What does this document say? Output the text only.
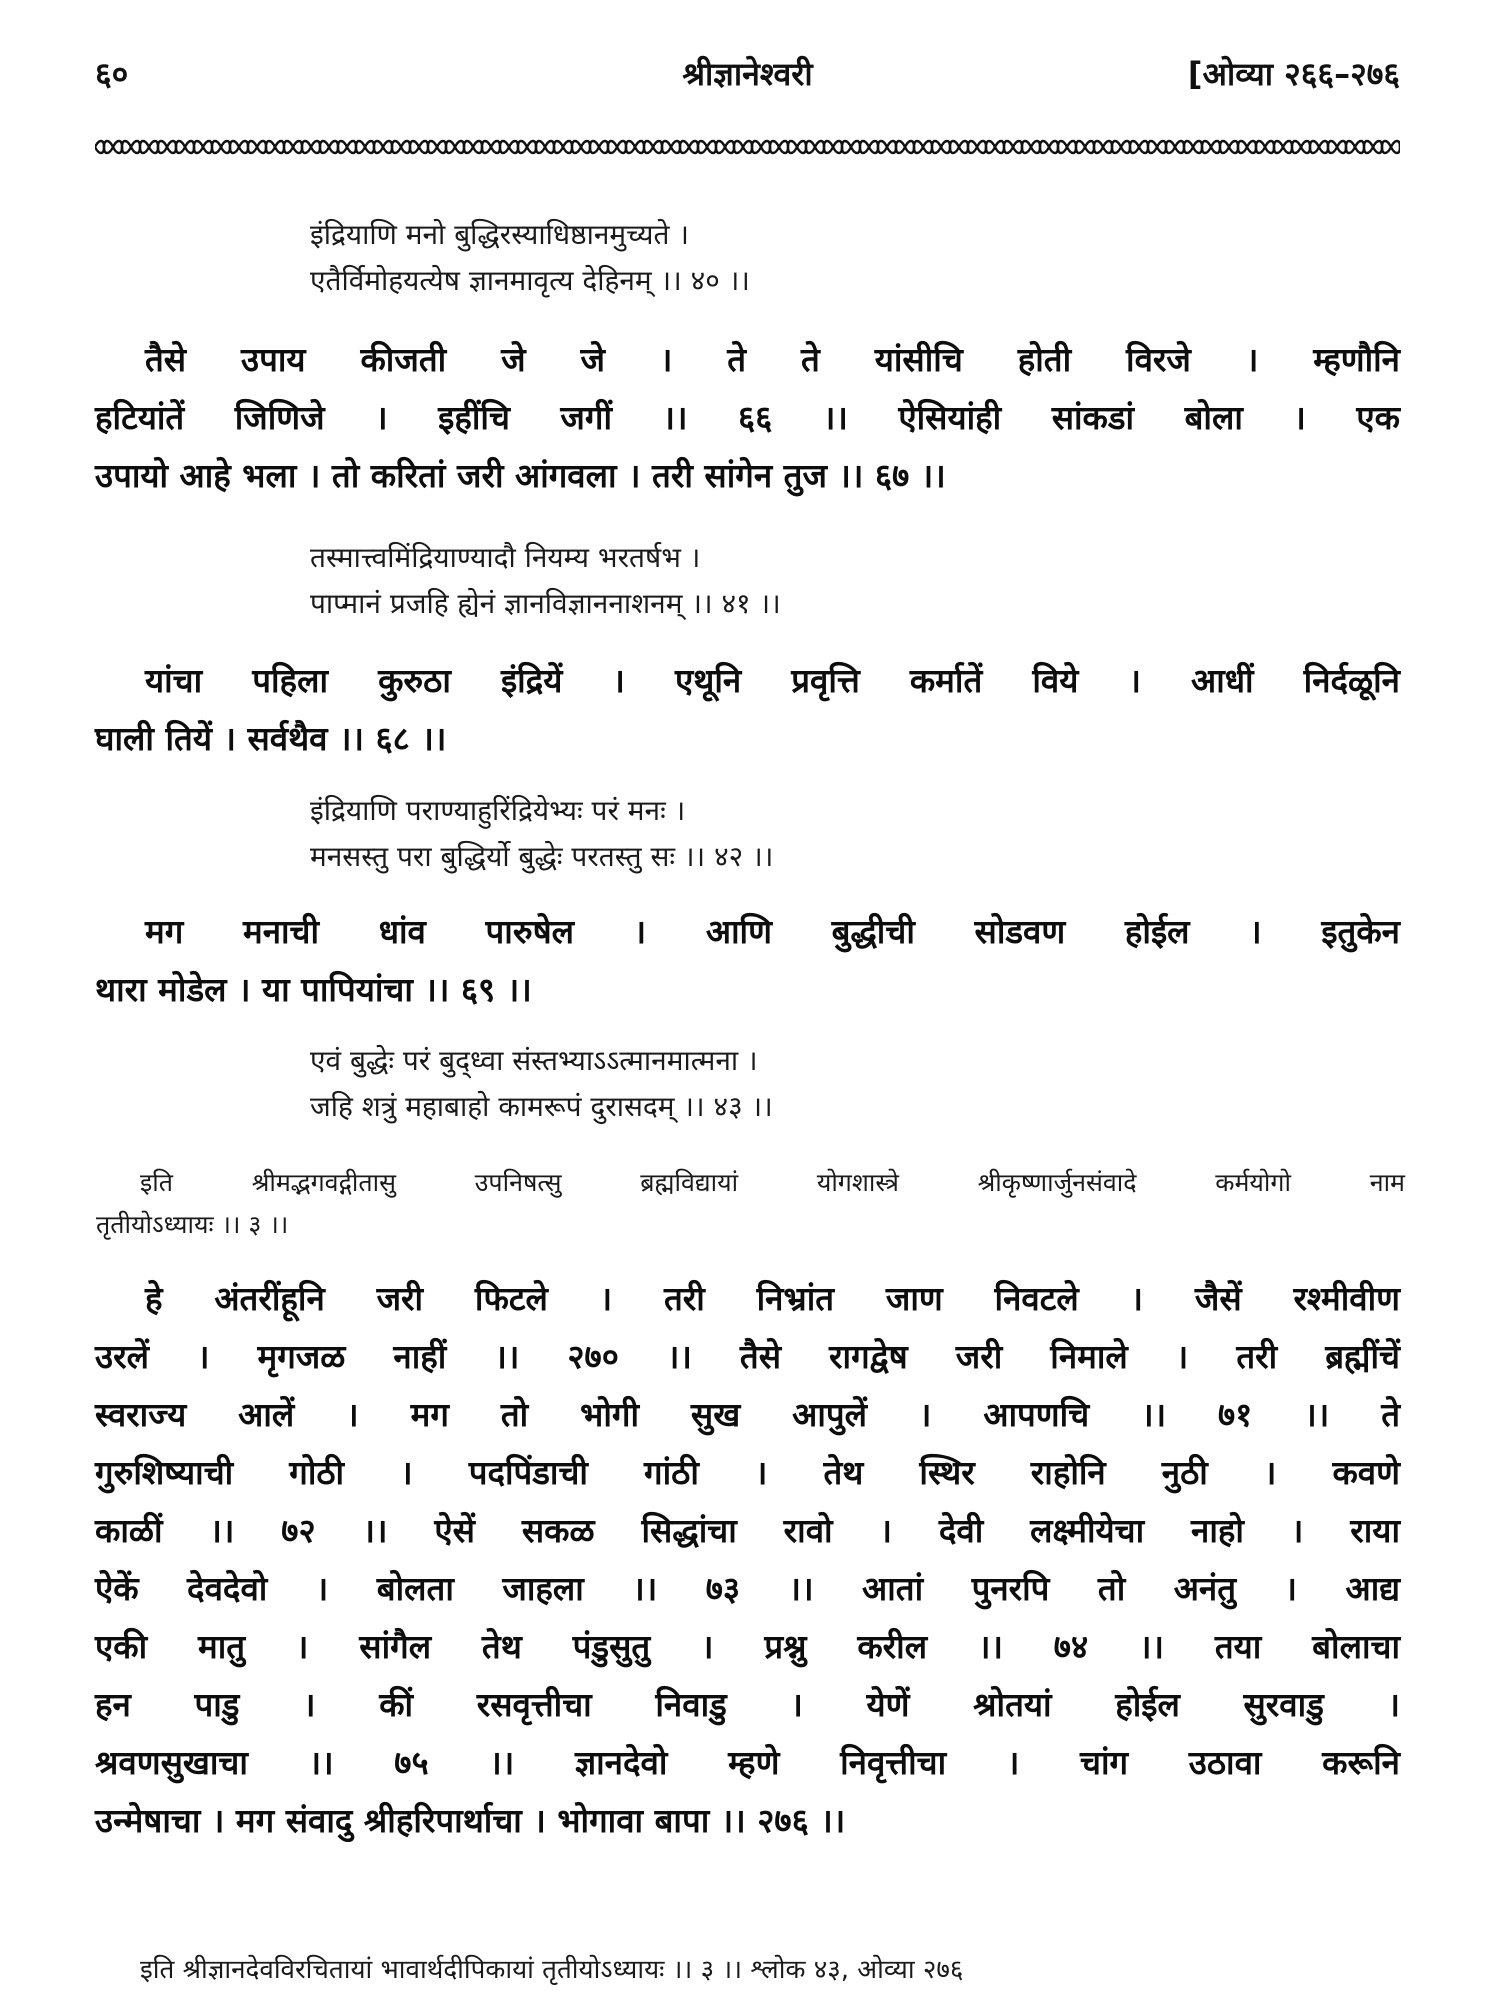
६०	श्रीज्ञानेश्वरी	[ओव्या २६६–२७६
इंद्रियाणि मनो बुद्धिरस्याधिष्ठानमुच्यते ।
एतैर्विमोहयत्येष ज्ञानमावृत्य देहिनम् ।। ४० ।।
तैसे उपाय कीजती जे जे । ते ते यांसीचि होती विरजे । म्हणौनि
हटियांतें जिणिजे । इहींचि जगीं ।। ६६ ।। ऐसियांही सांकडां बोला । एक
उपायो आहे भला । तो करितां जरी आंगवला । तरी सांगेन तुज ।। ६७ ।।
तस्मात्त्वमिंद्रियाण्यादौ नियम्य भरतर्षभ ।
पाप्मानं प्रजहि ह्येनं ज्ञानविज्ञाननाशनम् ।। ४१ ।।
यांचा पहिला कुरुठा इंद्रियें । एथूनि प्रवृत्ति कर्मातें विये । आधीं निर्दळूनि
घाली तियें । सर्वथैव ।। ६८ ।।
इंद्रियाणि पराण्याहुरिंद्रियेभ्यः परं मनः ।
मनसस्तु परा बुद्धिर्यो बुद्धेः परतस्तु सः ।। ४२ ।।
मग मनाची धांव पारुषेल । आणि बुद्धीची सोडवण होईल । इतुकेन
थारा मोडेल । या पापियांचा ।। ६९ ।।
एवं बुद्धेः परं बुद्ध्वा संस्तभ्याऽऽत्मानमात्मना ।
जहि शत्रुं महाबाहो कामरूपं दुरासदम् ।। ४३ ।।
इति श्रीमद्भगवद्गीतासु उपनिषत्सु ब्रह्मविद्यायां योगशास्त्रे श्रीकृष्णार्जुनसंवादे कर्मयोगो नाम
तृतीयोऽध्यायः ।। ३ ।।
हे अंतरींहूनि जरी फिटले । तरी निभ्रांत जाण निवटले । जैसें रश्मीवीण
उरलें । मृगजळ नाहीं ।। २७० ।। तैसे रागद्वेष जरी निमाले । तरी ब्रह्मींचें
स्वराज्य आलें । मग तो भोगी सुख आपुलें । आपणचि ।। ७१ ।। ते
गुरुशिष्याची गोठी । पदपिंडाची गांठी । तेथ स्थिर राहोनि नुठी । कवणे
काळीं ।। ७२ ।। ऐसें सकळ सिद्धांचा रावो । देवी लक्ष्मीयेचा नाहो । राया
ऐकें देवदेवो । बोलता जाहला ।। ७३ ।। आतां पुनरपि तो अनंतु । आद्य
एकी मातु । सांगैल तेथ पंडुसुतु । प्रश्नु करील ।। ७४ ।। तया बोलाचा
हन पाडु । कीं रसवृत्तीचा निवाडु । येणें श्रोतयां होईल सुरवाडु ।
श्रवणसुखाचा ।। ७५ ।। ज्ञानदेवो म्हणे निवृत्तीचा । चांग उठावा करूनि
उन्मेषाचा । मग संवादु श्रीहरिपार्थाचा । भोगावा बापा ।। २७६ ।।
इति श्रीज्ञानदेवविरचितायां भावार्थदीपिकायां तृतीयोऽध्यायः ।। ३ ।। श्लोक ४३, ओव्या २७६
